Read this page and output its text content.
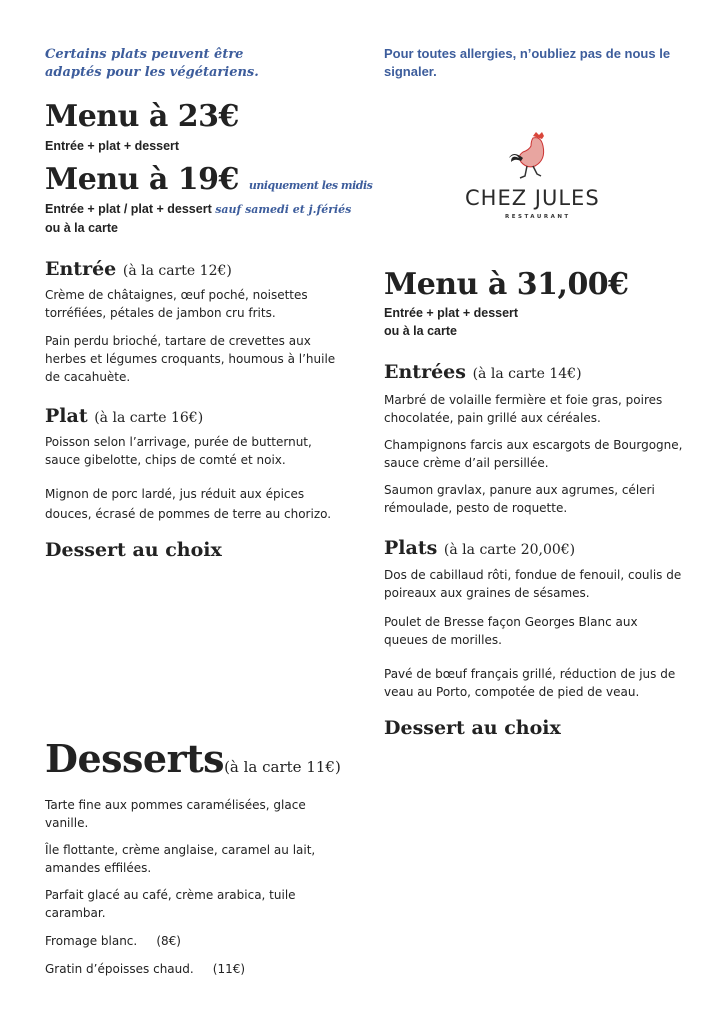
Certains plats peuvent être
adaptés pour les végétariens.
Menu à 23€
Entrée + plat + dessert
Menu à 19€ uniquement les midis
Entrée + plat / plat + dessert sauf samedi et j.fériés
ou à la carte
Entrée (à la carte 12€)
Crème de châtaignes, œuf poché, noisettes torréfiées, pétales de jambon cru frits.
Pain perdu brioché, tartare de crevettes aux herbes et légumes croquants, houmous à l’huile de cacahuète.
Plat (à la carte 16€)
Poisson selon l’arrivage, purée de butternut, sauce gibelotte, chips de comté et noix.
Mignon de porc lardé, jus réduit aux épices douces, écrasé de pommes de terre au chorizo.
Dessert au choix
Desserts(à la carte 11€)
Tarte fine aux pommes caramélisées, glace vanille.
Île flottante, crème anglaise, caramel au lait, amandes effilées.
Parfait glacé au café, crème arabica, tuile carambar.
Fromage blanc. (8€)
Gratin d’époisses chaud. (11€)
Pour toutes allergies, n’oubliez pas de nous le signaler.
CHEZ JULES
RESTAURANT
Menu à 31,00€
Entrée + plat + dessert
ou à la carte
Entrées (à la carte 14€)
Marbré de volaille fermière et foie gras, poires chocolatée, pain grillé aux céréales.
Champignons farcis aux escargots de Bourgogne, sauce crème d’ail persillée.
Saumon gravlax, panure aux agrumes, céleri rémoulade, pesto de roquette.
Plats (à la carte 20,00€)
Dos de cabillaud rôti, fondue de fenouil, coulis de poireaux aux graines de sésames.
Poulet de Bresse façon Georges Blanc aux queues de morilles.
Pavé de bœuf français grillé, réduction de jus de veau au Porto, compotée de pied de veau.
Dessert au choix
